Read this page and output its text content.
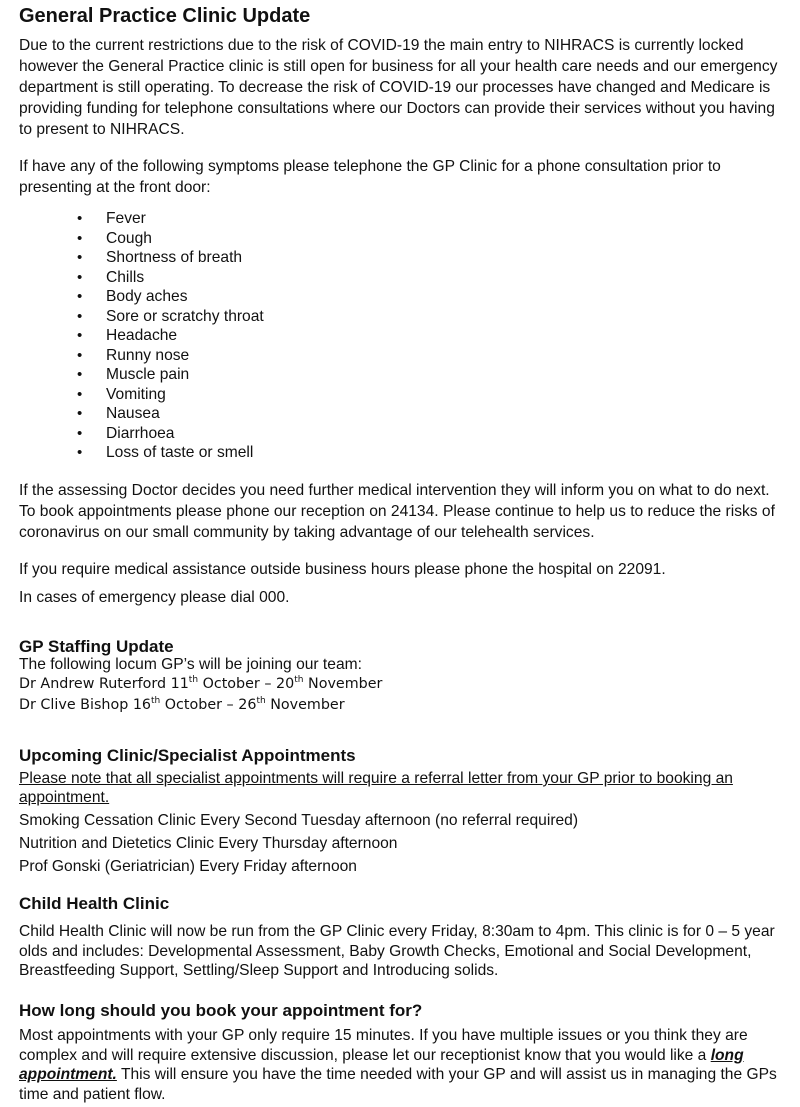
General Practice Clinic Update

Due to the current restrictions due to the risk of COVID-19 the main entry to NIHRACS is currently locked however the General Practice clinic is still open for business for all your health care needs and our emergency department is still operating. To decrease the risk of COVID-19 our processes have changed and Medicare is providing funding for telephone consultations where our Doctors can provide their services without you having to present to NIHRACS.

If have any of the following symptoms please telephone the GP Clinic for a phone consultation prior to presenting at the front door:

• Fever
• Cough
• Shortness of breath
• Chills
• Body aches
• Sore or scratchy throat
• Headache
• Runny nose
• Muscle pain
• Vomiting
• Nausea
• Diarrhoea
• Loss of taste or smell

If the assessing Doctor decides you need further medical intervention they will inform you on what to do next. To book appointments please phone our reception on 24134. Please continue to help us to reduce the risks of coronavirus on our small community by taking advantage of our telehealth services.

If you require medical assistance outside business hours please phone the hospital on 22091.

In cases of emergency please dial 000.

GP Staffing Update

The following locum GP’s will be joining our team:

Dr Andrew Ruterford 11th October – 20th November
Dr Clive Bishop 16th October – 26th November
Upcoming Clinic/Specialist Appointments

Please note that all specialist appointments will require a referral letter from your GP prior to booking an appointment.

Smoking Cessation Clinic Every Second Tuesday afternoon (no referral required)

Nutrition and Dietetics Clinic Every Thursday afternoon

Prof Gonski (Geriatrician) Every Friday afternoon

Child Health Clinic

Child Health Clinic will now be run from the GP Clinic every Friday, 8:30am to 4pm. This clinic is for 0 – 5 year olds and includes: Developmental Assessment, Baby Growth Checks, Emotional and Social Development, Breastfeeding Support, Settling/Sleep Support and Introducing solids.

How long should you book your appointment for?

Most appointments with your GP only require 15 minutes. If you have multiple issues or you think they are complex and will require extensive discussion, please let our receptionist know that you would like a long appointment. This will ensure you have the time needed with your GP and will assist us in managing the GPs time and patient flow.
